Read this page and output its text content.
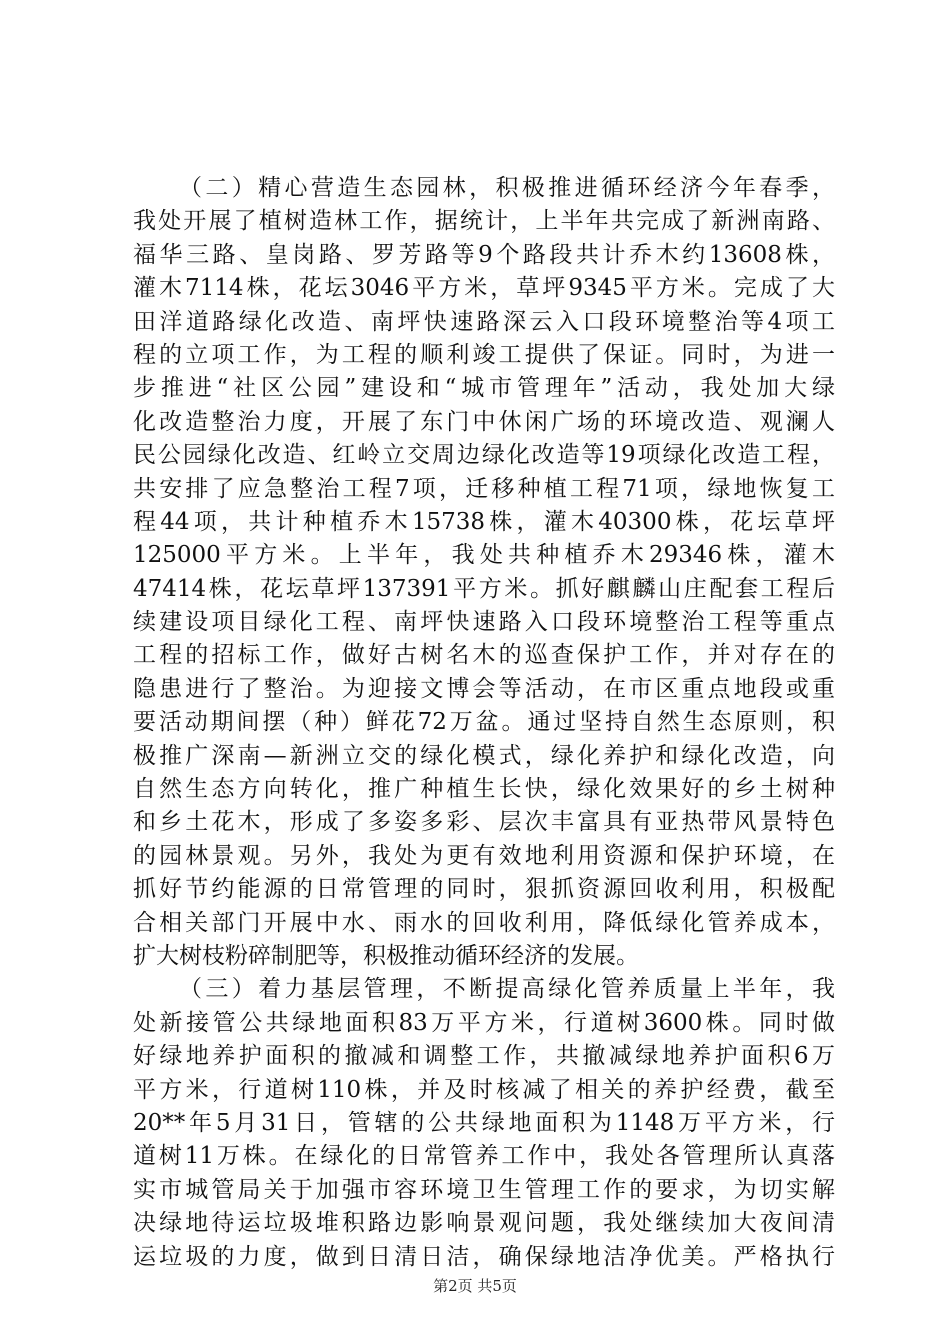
（二）精心营造生态园林，积极推进循环经济今年春季，
我处开展了植树造林工作，据统计，上半年共完成了新洲南路、
福华三路、皇岗路、罗芳路等9个路段共计乔木约13608株，
灌木7114株，花坛3046平方米，草坪9345平方米。完成了大
田洋道路绿化改造、南坪快速路深云入口段环境整治等4项工
程的立项工作，为工程的顺利竣工提供了保证。同时，为进一
步推进“社区公园”建设和“城市管理年”活动，我处加大绿
化改造整治力度，开展了东门中休闲广场的环境改造、观澜人
民公园绿化改造、红岭立交周边绿化改造等19项绿化改造工程，
共安排了应急整治工程7项，迁移种植工程71项，绿地恢复工
程44项，共计种植乔木15738株，灌木40300株，花坛草坪
125000平方米。上半年，我处共种植乔木29346株，灌木
47414株，花坛草坪137391平方米。抓好麒麟山庄配套工程后
续建设项目绿化工程、南坪快速路入口段环境整治工程等重点
工程的招标工作，做好古树名木的巡查保护工作，并对存在的
隐患进行了整治。为迎接文博会等活动，在市区重点地段或重
要活动期间摆（种）鲜花72万盆。通过坚持自然生态原则，积
极推广深南—新洲立交的绿化模式，绿化养护和绿化改造，向
自然生态方向转化，推广种植生长快，绿化效果好的乡土树种
和乡土花木，形成了多姿多彩、层次丰富具有亚热带风景特色
的园林景观。另外，我处为更有效地利用资源和保护环境，在
抓好节约能源的日常管理的同时，狠抓资源回收利用，积极配
合相关部门开展中水、雨水的回收利用，降低绿化管养成本，
扩大树枝粉碎制肥等，积极推动循环经济的发展。
（三）着力基层管理，不断提高绿化管养质量上半年，我
处新接管公共绿地面积83万平方米，行道树3600株。同时做
好绿地养护面积的撤减和调整工作，共撤减绿地养护面积6万
平方米，行道树110株，并及时核减了相关的养护经费，截至
20**年5月31日，管辖的公共绿地面积为1148万平方米，行
道树11万株。在绿化的日常管养工作中，我处各管理所认真落
实市城管局关于加强市容环境卫生管理工作的要求，为切实解
决绿地待运垃圾堆积路边影响景观问题，我处继续加大夜间清
运垃圾的力度，做到日清日洁，确保绿地洁净优美。严格执行
第2页 共5页
